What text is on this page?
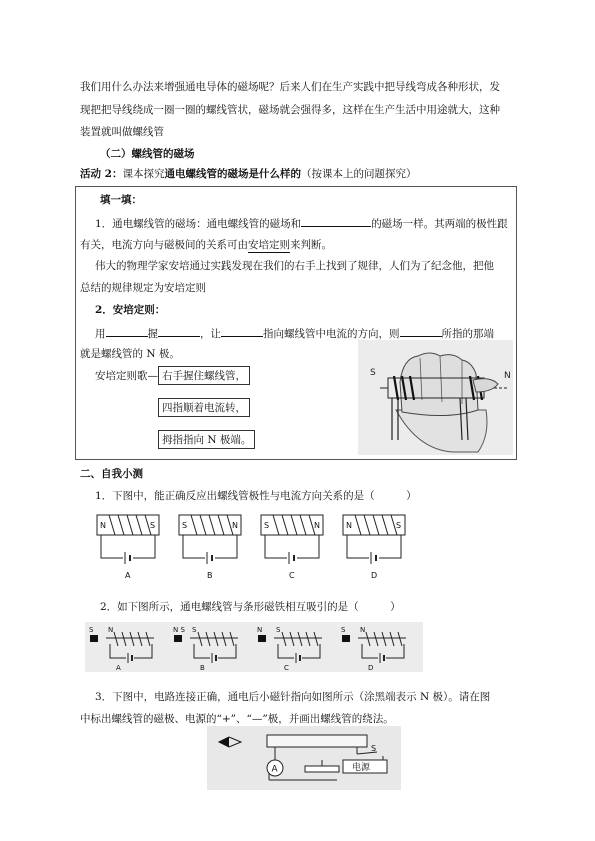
我们用什么办法来增强通电导体的磁场呢？后来人们在生产实践中把导线弯成各种形状，发
现把把导线绕成一圈一圈的螺线管状，磁场就会强得多，这样在生产生活中用途就大，这种
装置就叫做螺线管
（二）螺线管的磁场
活动 2：课本探究通电螺线管的磁场是什么样的（按课本上的问题探究）
填一填：
1．通电螺线管的磁场：通电螺线管的磁场和	的磁场一样。其两端的极性跟
有关，电流方向与磁极间的关系可由安培定则来判断。
伟大的物理学家安培通过实践发现在我们的右手上找到了规律，人们为了纪念他，把他
总结的规律规定为安培定则
2．安培定则：
用	握	，让	指向螺线管中电流的方向，则	所指的那端
就是螺线管的 N 极。
安培定则歌— 右手握住螺线管，
四指顺着电流转，
拇指指向 N 极端。
S	N
二、自我小测
1．下图中，能正确反应出螺线管极性与电流方向关系的是（　　　）
N	S
A
S	N
B
S	N
C
N	S
D
2．如下图所示，通电螺线管与条形磁铁相互吸引的是（　　　）
S N
A
N S S
B
N S
C
S N
D
3．下图中，电路连接正确，通电后小磁针指向如图所示（涂黑端表示 N 极）。请在图
中标出螺线管的磁极、电源的“+”、“—”极，并画出螺线管的绕法。
A
S
电源
